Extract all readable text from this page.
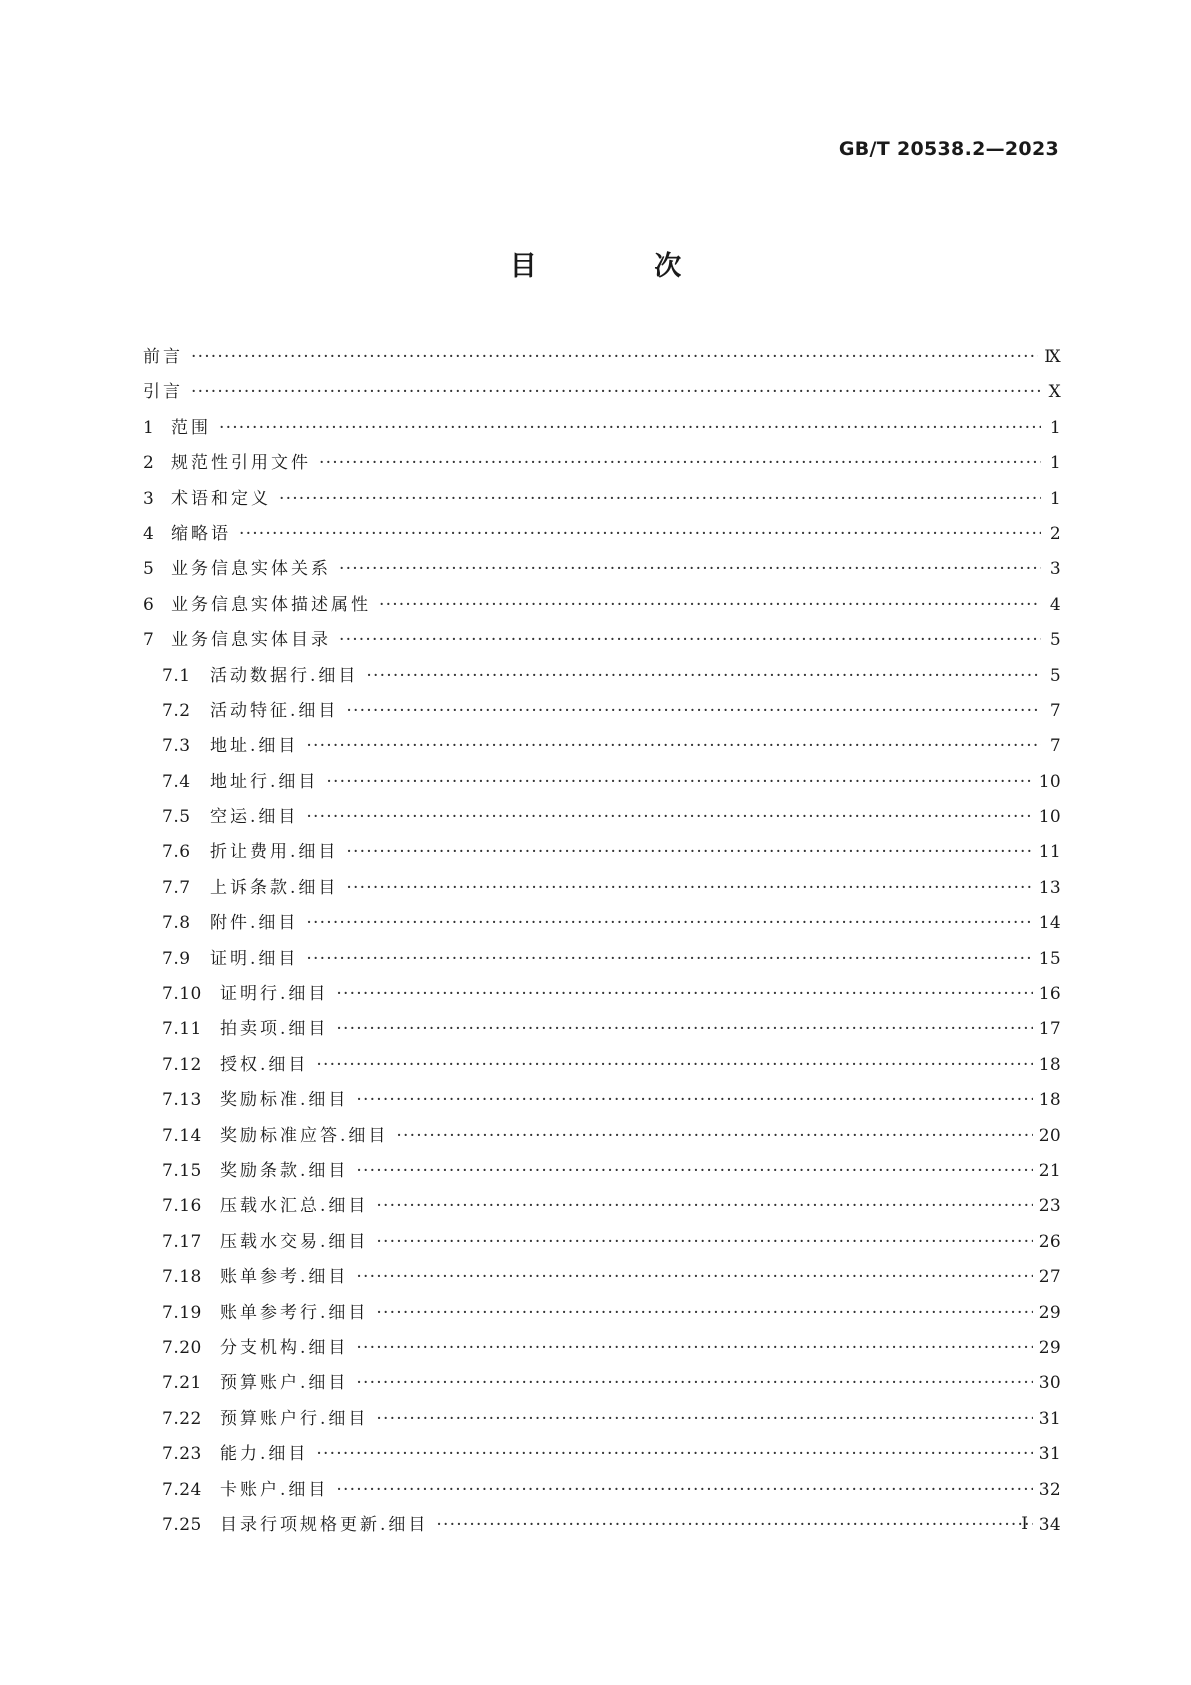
GB/T 20538.2—2023
目 次
前言 ·····	Ⅸ
引言 ·····	Ⅹ
1 范围 ·····	1
2 规范性引用文件 ·····	1
3 术语和定义 ·····	1
4 缩略语 ·····	2
5 业务信息实体关系 ·····	3
6 业务信息实体描述属性 ·····	4
7 业务信息实体目录 ·····	5
7.1	活动数据行.细目 ·····	5
7.2	活动特征.细目 ·····	7
7.3	地址.细目 ·····	7
7.4	地址行.细目 ·····	10
7.5	空运.细目 ·····	10
7.6	折让费用.细目 ·····	11
7.7	上诉条款.细目 ·····	13
7.8	附件.细目 ·····	14
7.9	证明.细目 ·····	15
7.10	证明行.细目 ·····	16
7.11	拍卖项.细目 ·····	17
7.12	授权.细目 ·····	18
7.13	奖励标准.细目 ·····	18
7.14	奖励标准应答.细目 ·····	20
7.15	奖励条款.细目 ·····	21
7.16	压载水汇总.细目 ·····	23
7.17	压载水交易.细目 ·····	26
7.18	账单参考.细目 ·····	27
7.19	账单参考行.细目 ·····	29
7.20	分支机构.细目 ·····	29
7.21	预算账户.细目 ·····	30
7.22	预算账户行.细目 ·····	31
7.23	能力.细目 ·····	31
7.24	卡账户.细目 ·····	32
7.25	目录行项规格更新.细目 ·····	34
Ⅰ
